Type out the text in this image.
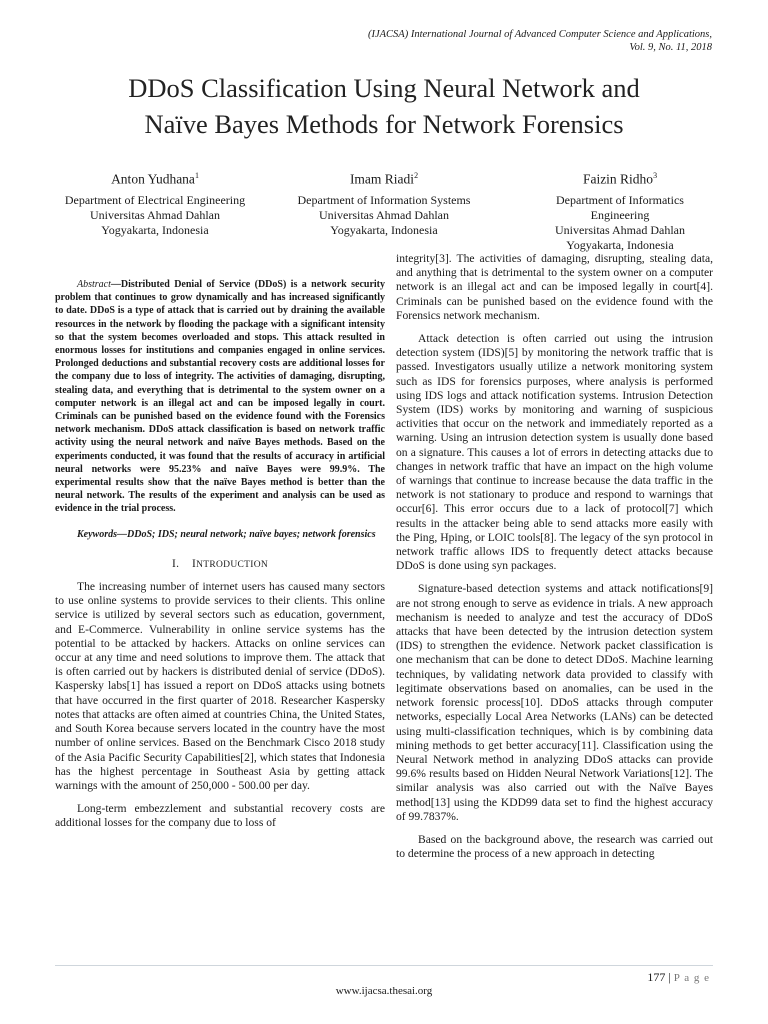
(IJACSA) International Journal of Advanced Computer Science and Applications,
Vol. 9, No. 11, 2018
DDoS Classification Using Neural Network and
Naïve Bayes Methods for Network Forensics
Anton Yudhana$^1$
Department of Electrical Engineering
Universitas Ahmad Dahlan
Yogyakarta, Indonesia
Imam Riadi$^2$
Department of Information Systems
Universitas Ahmad Dahlan
Yogyakarta, Indonesia
Faizin Ridho$^3$
Department of Informatics
Engineering
Universitas Ahmad Dahlan
Yogyakarta, Indonesia

Abstract—Distributed Denial of Service (DDoS) is a network security problem that continues to grow dynamically and has increased significantly to date. DDoS is a type of attack that is carried out by draining the available resources in the network by flooding the package with a significant intensity so that the system becomes overloaded and stops. This attack resulted in enormous losses for institutions and companies engaged in online services. Prolonged deductions and substantial recovery costs are additional losses for the company due to loss of integrity. The activities of damaging, disrupting, stealing data, and everything that is detrimental to the system owner on a computer network is an illegal act and can be imposed legally in court. Criminals can be punished based on the evidence found with the Forensics network mechanism. DDoS attack classification is based on network traffic activity using the neural network and naïve Bayes methods. Based on the experiments conducted, it was found that the results of accuracy in artificial neural networks were 95.23% and naïve Bayes were 99.9%. The experimental results show that the naïve Bayes method is better than the neural network. The results of the experiment and analysis can be used as evidence in the trial process.

Keywords—DDoS; IDS; neural network; naïve bayes; network forensics

I. INTRODUCTION

The increasing number of internet users has caused many sectors to use online systems to provide services to their clients. This online service is utilized by several sectors such as education, government, and E-Commerce. Vulnerability in online service systems has the potential to be attacked by hackers. Attacks on online services can occur at any time and need solutions to improve them. The attack that is often carried out by hackers is distributed denial of service (DDoS). Kaspersky labs[1] has issued a report on DDoS attacks using botnets that have occurred in the first quarter of 2018. Researcher Kaspersky notes that attacks are often aimed at countries China, the United States, and South Korea because servers located in the country have the most number of online services. Based on the Benchmark Cisco 2018 study of the Asia Pacific Security Capabilities[2], which states that Indonesia has the highest percentage in Southeast Asia by getting attack warnings with the amount of 250,000 - 500.00 per day.

Long-term embezzlement and substantial recovery costs are additional losses for the company due to loss of

integrity[3]. The activities of damaging, disrupting, stealing data, and anything that is detrimental to the system owner on a computer network is an illegal act and can be imposed legally in court[4]. Criminals can be punished based on the evidence found with the Forensics network mechanism.

Attack detection is often carried out using the intrusion detection system (IDS)[5] by monitoring the network traffic that is passed. Investigators usually utilize a network monitoring system such as IDS for forensics purposes, where analysis is performed using IDS logs and attack notification systems. Intrusion Detection System (IDS) works by monitoring and warning of suspicious activities that occur on the network and immediately reported as a warning. Using an intrusion detection system is usually done based on a signature. This causes a lot of errors in detecting attacks due to changes in network traffic that have an impact on the high volume of warnings that continue to increase because the data traffic in the network is not stationary to produce and respond to warnings that occur[6]. This error occurs due to a lack of protocol[7] which results in the attacker being able to send attacks more easily with the Ping, Hping, or LOIC tools[8]. The legacy of the syn protocol in network traffic allows IDS to frequently detect attacks because DDoS is done using syn packages.

Signature-based detection systems and attack notifications[9] are not strong enough to serve as evidence in trials. A new approach mechanism is needed to analyze and test the accuracy of DDoS attacks that have been detected by the intrusion detection system (IDS) to strengthen the evidence. Network packet classification is one mechanism that can be done to detect DDoS. Machine learning techniques, by validating network data provided to classify with legitimate observations based on anomalies, can be used in the network forensic process[10]. DDoS attacks through computer networks, especially Local Area Networks (LANs) can be detected using multi-classification techniques, which is by combining data mining methods to get better accuracy[11]. Classification using the Neural Network method in analyzing DDoS attacks can provide 99.6% results based on Hidden Neural Network Variations[12]. The similar analysis was also carried out with the Naïve Bayes method[13] using the KDD99 data set to find the highest accuracy of 99.7837%.

Based on the background above, the research was carried out to determine the process of a new approach in detecting

177 | P a g e
www.ijacsa.thesai.org
